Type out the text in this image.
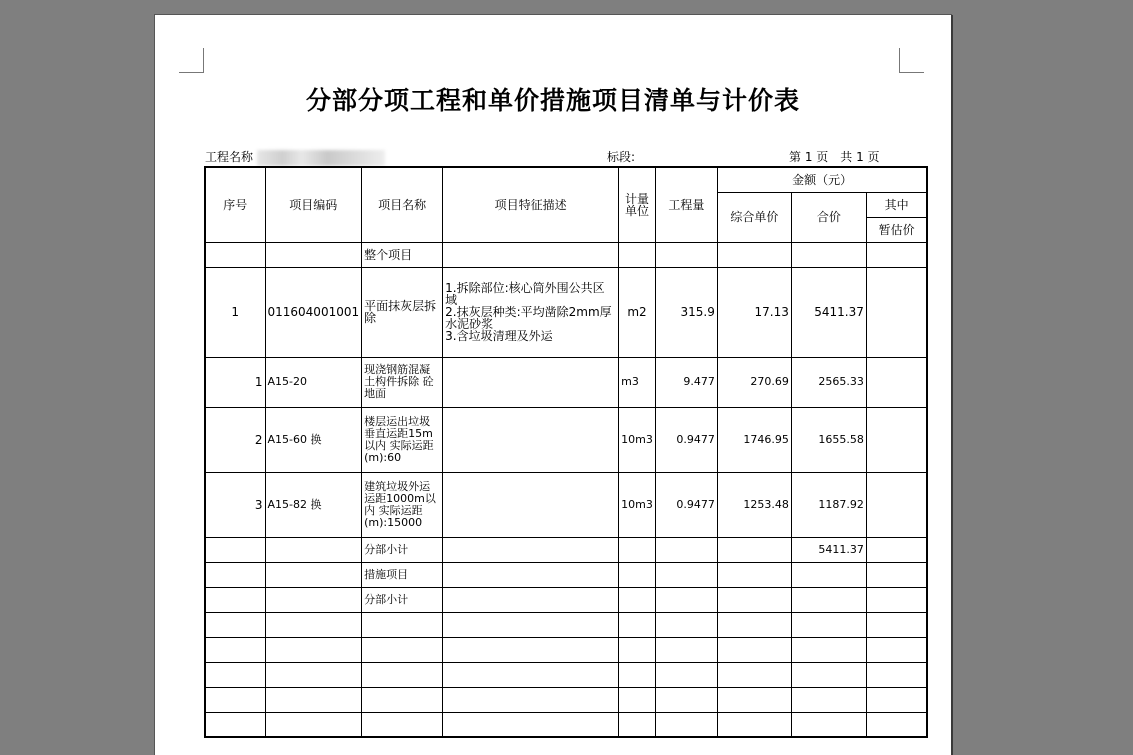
分部分项工程和单价措施项目清单与计价表
工程名称	标段:	第 1 页　共 1 页
序号	项目编码	项目名称	项目特征描述	计量单位	工程量	金额（元）		
						综合单价	合价	其中
								暂估价
		整个项目						
1	011604001001	平面抹灰层拆除	1.拆除部位:核心筒外围公共区域
2.抹灰层种类:平均凿除2mm厚水泥砂浆
3.含垃圾清理及外运	m2	315.9	17.13	5411.37	
1	A15-20	现浇钢筋混凝土构件拆除 砼地面		m3	9.477	270.69	2565.33	
2	A15-60 换	楼层运出垃圾 垂直运距15m以内 实际运距(m):60		10m3	0.9477	1746.95	1655.58	
3	A15-82 换	建筑垃圾外运 运距1000m以内 实际运距(m):15000		10m3	0.9477	1253.48	1187.92	
		分部小计					5411.37	
		措施项目						
		分部小计						
